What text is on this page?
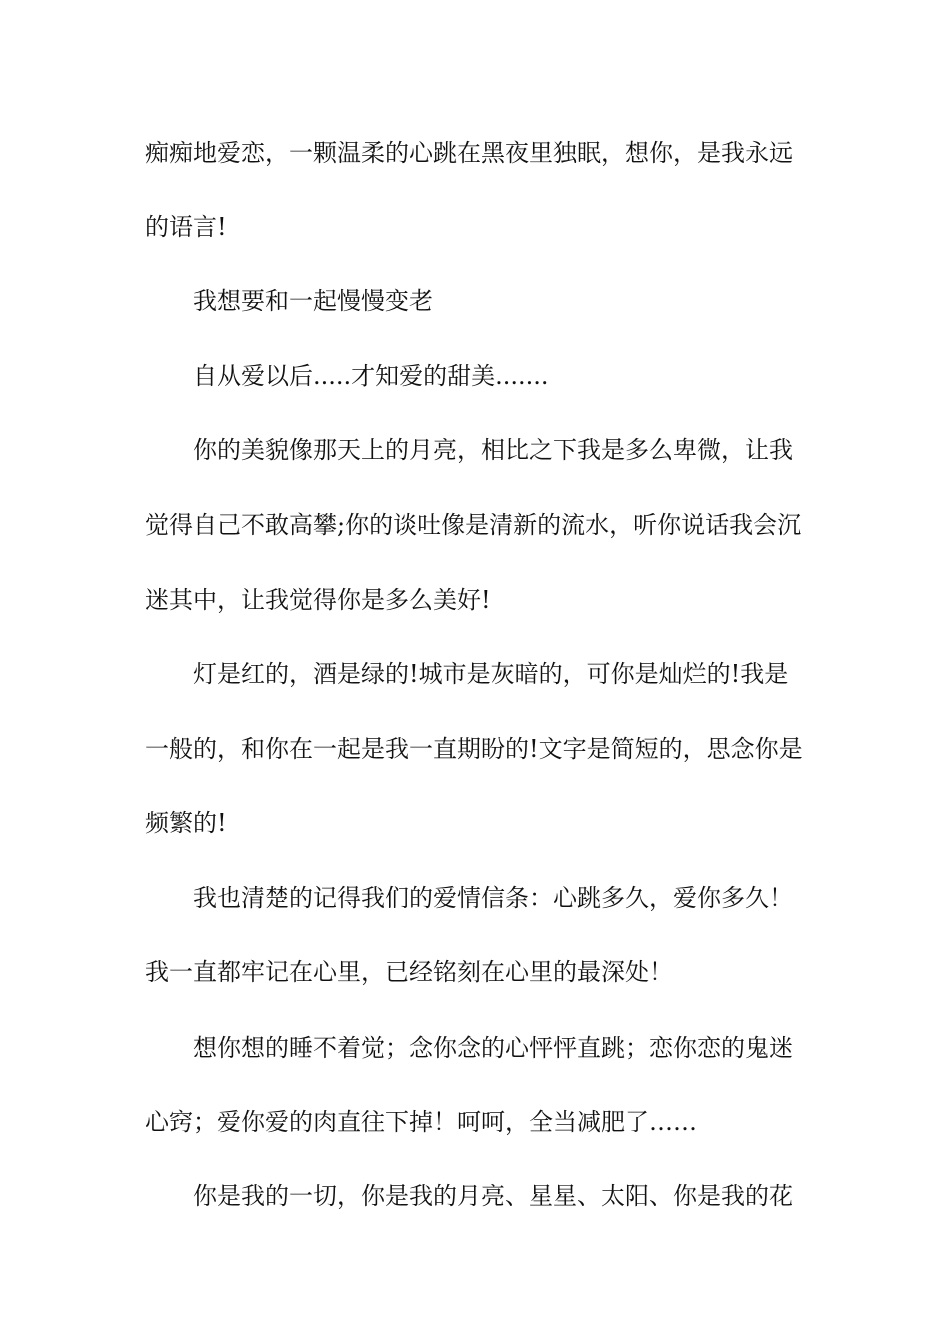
痴痴地爱恋，一颗温柔的心跳在黑夜里独眠，想你，是我永远
的语言!
我想要和一起慢慢变老
自从爱以后.....才知爱的甜美.......
你的美貌像那天上的月亮，相比之下我是多么卑微，让我
觉得自己不敢高攀;你的谈吐像是清新的流水，听你说话我会沉
迷其中，让我觉得你是多么美好!
灯是红的，酒是绿的!城市是灰暗的，可你是灿烂的!我是
一般的，和你在一起是我一直期盼的!文字是简短的，思念你是
频繁的!
我也清楚的记得我们的爱情信条：心跳多久，爱你多久！
我一直都牢记在心里，已经铭刻在心里的最深处！
想你想的睡不着觉；念你念的心怦怦直跳；恋你恋的鬼迷
心窍；爱你爱的肉直往下掉！呵呵，全当减肥了……
你是我的一切，你是我的月亮、星星、太阳、你是我的花
